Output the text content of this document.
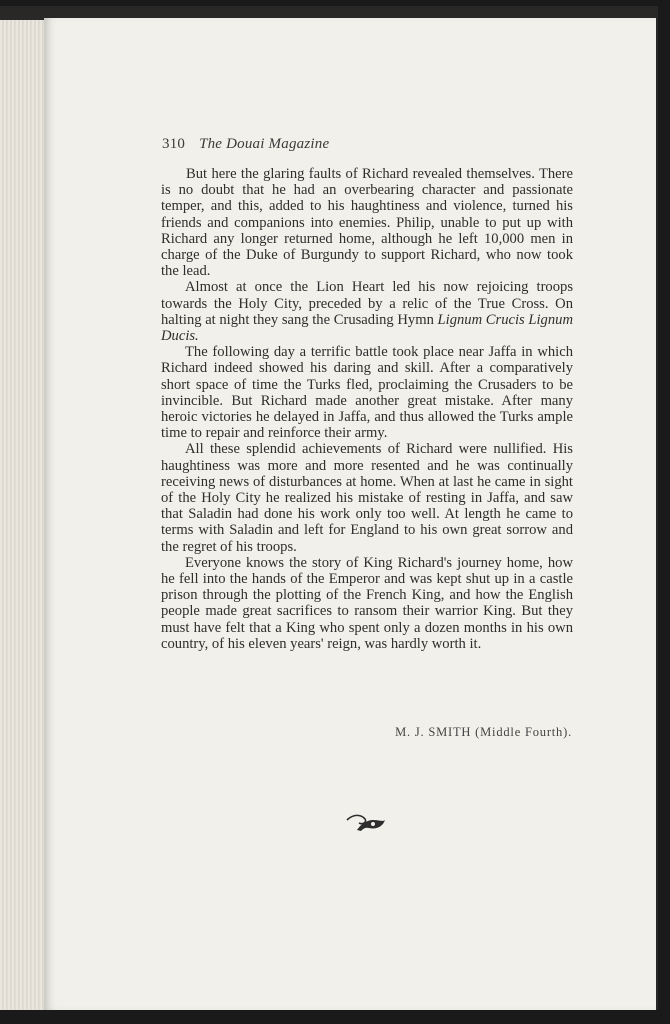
310 The Douai Magazine

But here the glaring faults of Richard revealed themselves. There is no doubt that he had an overbearing character and passionate temper, and this, added to his haughtiness and violence, turned his friends and companions into enemies. Philip, unable to put up with Richard any longer returned home, although he left 10,000 men in charge of the Duke of Burgundy to support Richard, who now took the lead.

Almost at once the Lion Heart led his now rejoicing troops towards the Holy City, preceded by a relic of the True Cross. On halting at night they sang the Crusading Hymn Lignum Crucis Lignum Ducis.

The following day a terrific battle took place near Jaffa in which Richard indeed showed his daring and skill. After a comparatively short space of time the Turks fled, proclaiming the Crusaders to be invincible. But Richard made another great mistake. After many heroic victories he delayed in Jaffa, and thus allowed the Turks ample time to repair and reinforce their army.

All these splendid achievements of Richard were nullified. His haughtiness was more and more resented and he was continually receiving news of disturbances at home. When at last he came in sight of the Holy City he realized his mistake of resting in Jaffa, and saw that Saladin had done his work only too well. At length he came to terms with Saladin and left for England to his own great sorrow and the regret of his troops.

Everyone knows the story of King Richard's journey home, how he fell into the hands of the Emperor and was kept shut up in a castle prison through the plotting of the French King, and how the English people made great sacrifices to ransom their warrior King. But they must have felt that a King who spent only a dozen months in his own country, of his eleven years' reign, was hardly worth it.

M. J. SMITH (Middle Fourth).
